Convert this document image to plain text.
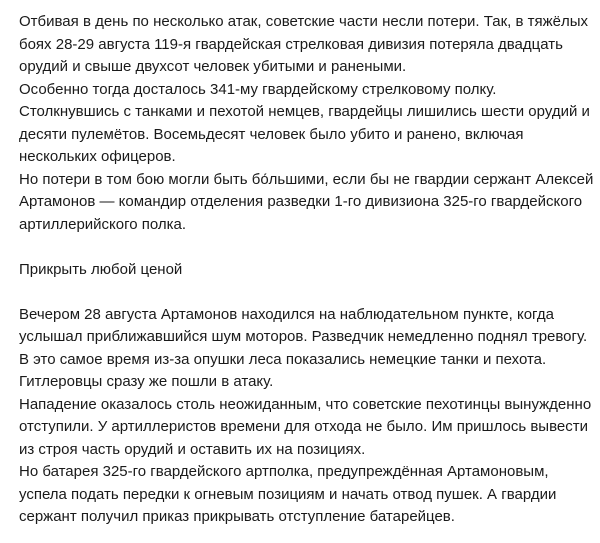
Отбивая в день по несколько атак, советские части несли потери. Так, в тяжёлых боях 28-29 августа 119-я гвардейская стрелковая дивизия потеряла двадцать орудий и свыше двухсот человек убитыми и ранеными.

Особенно тогда досталось 341-му гвардейскому стрелковому полку. Столкнувшись с танками и пехотой немцев, гвардейцы лишились шести орудий и десяти пулемётов. Восемьдесят человек было убито и ранено, включая нескольких офицеров.

Но потери в том бою могли быть бо́льшими, если бы не гвардии сержант Алексей Артамонов — командир отделения разведки 1-го дивизиона 325-го гвардейского артиллерийского полка.

Прикрыть любой ценой

Вечером 28 августа Артамонов находился на наблюдательном пункте, когда услышал приближавшийся шум моторов. Разведчик немедленно поднял тревогу. В это самое время из-за опушки леса показались немецкие танки и пехота. Гитлеровцы сразу же пошли в атаку.

Нападение оказалось столь неожиданным, что советские пехотинцы вынужденно отступили. У артиллеристов времени для отхода не было. Им пришлось вывести из строя часть орудий и оставить их на позициях.

Но батарея 325-го гвардейского артполка, предупреждённая Артамоновым, успела подать передки к огневым позициям и начать отвод пушек. А гвардии сержант получил приказ прикрывать отступление батарейцев.
